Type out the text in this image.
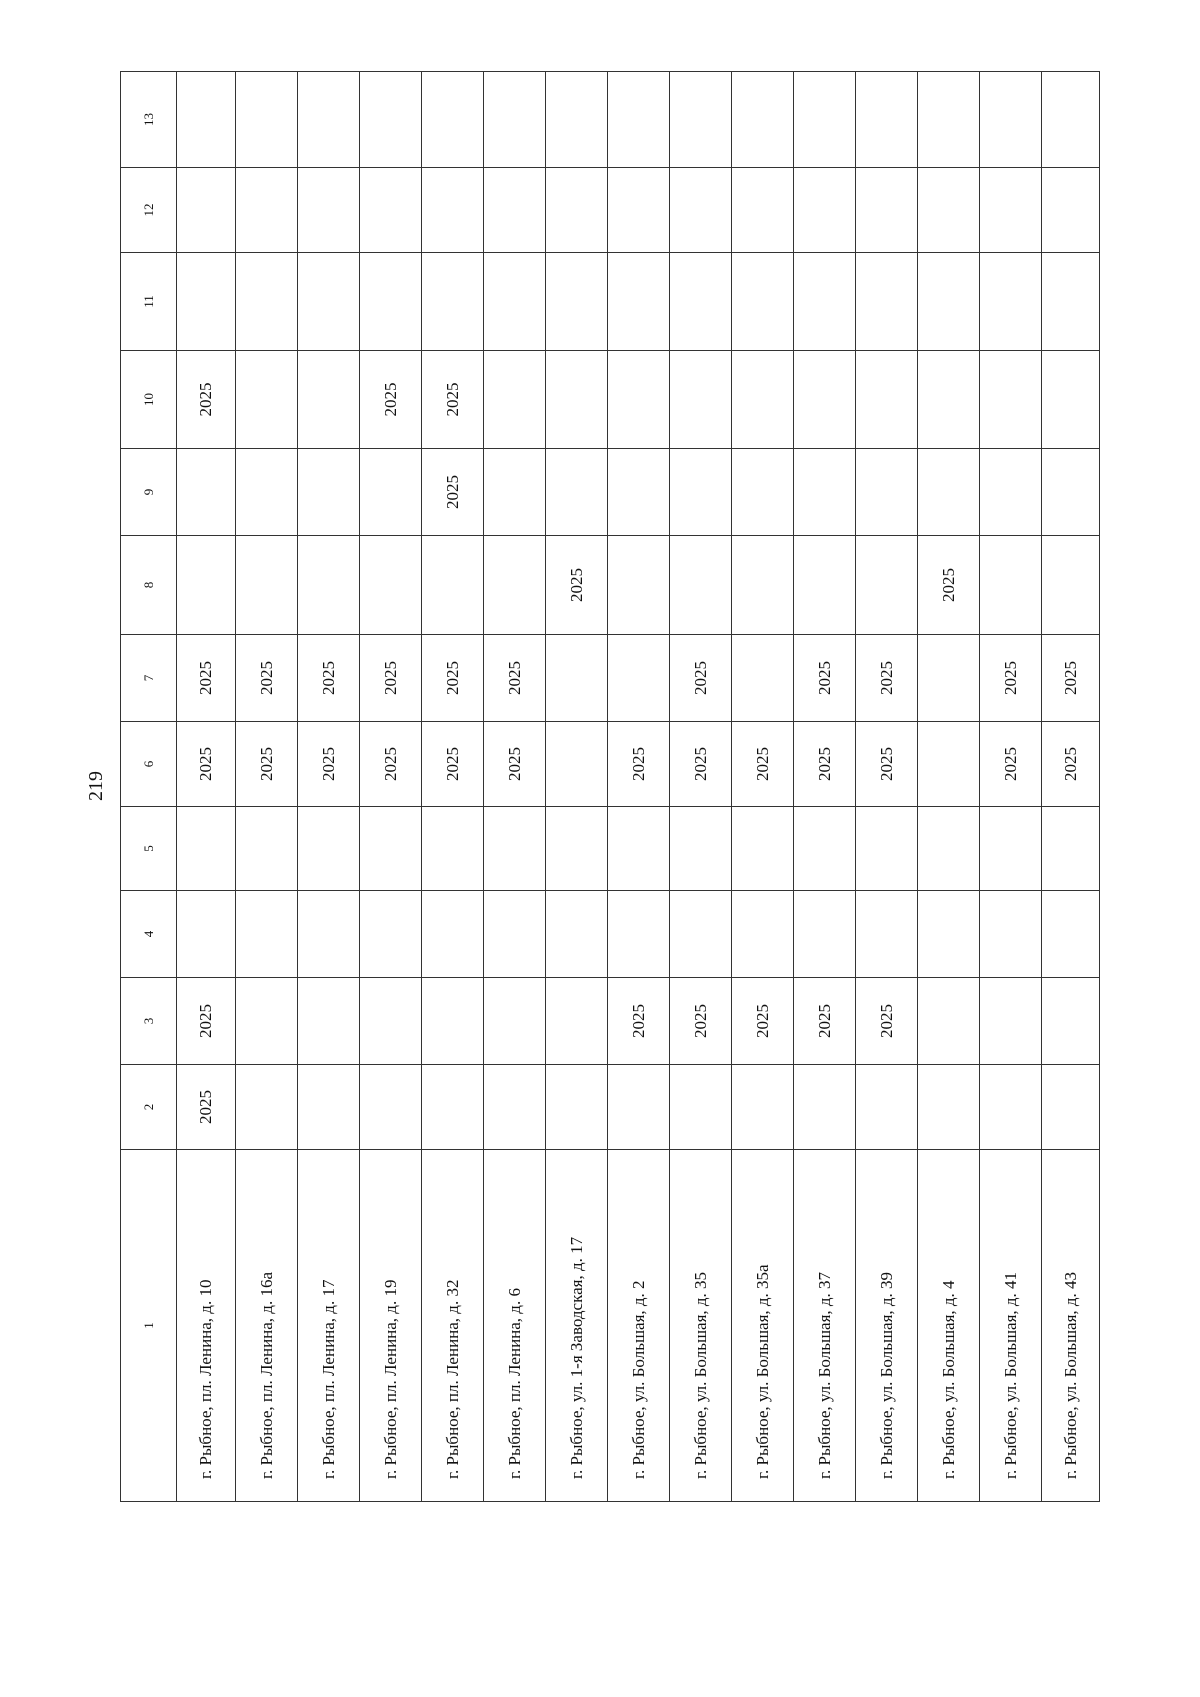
219
1	2	3	4	5	6	7	8	9	10	11	12	13
г. Рыбное, пл. Ленина, д. 10	2025	2025			2025	2025			2025			
г. Рыбное, пл. Ленина, д. 16а					2025	2025						
г. Рыбное, пл. Ленина, д. 17					2025	2025						
г. Рыбное, пл. Ленина, д. 19					2025	2025			2025			
г. Рыбное, пл. Ленина, д. 32					2025	2025		2025	2025			
г. Рыбное, пл. Ленина, д. 6					2025	2025						
г. Рыбное, ул. 1-я Заводская, д. 17							2025					
г. Рыбное, ул. Большая, д. 2		2025			2025							
г. Рыбное, ул. Большая, д. 35		2025			2025	2025						
г. Рыбное, ул. Большая, д. 35а		2025			2025							
г. Рыбное, ул. Большая, д. 37		2025			2025	2025						
г. Рыбное, ул. Большая, д. 39		2025			2025	2025						
г. Рыбное, ул. Большая, д. 4							2025					
г. Рыбное, ул. Большая, д. 41					2025	2025						
г. Рыбное, ул. Большая, д. 43					2025	2025						
